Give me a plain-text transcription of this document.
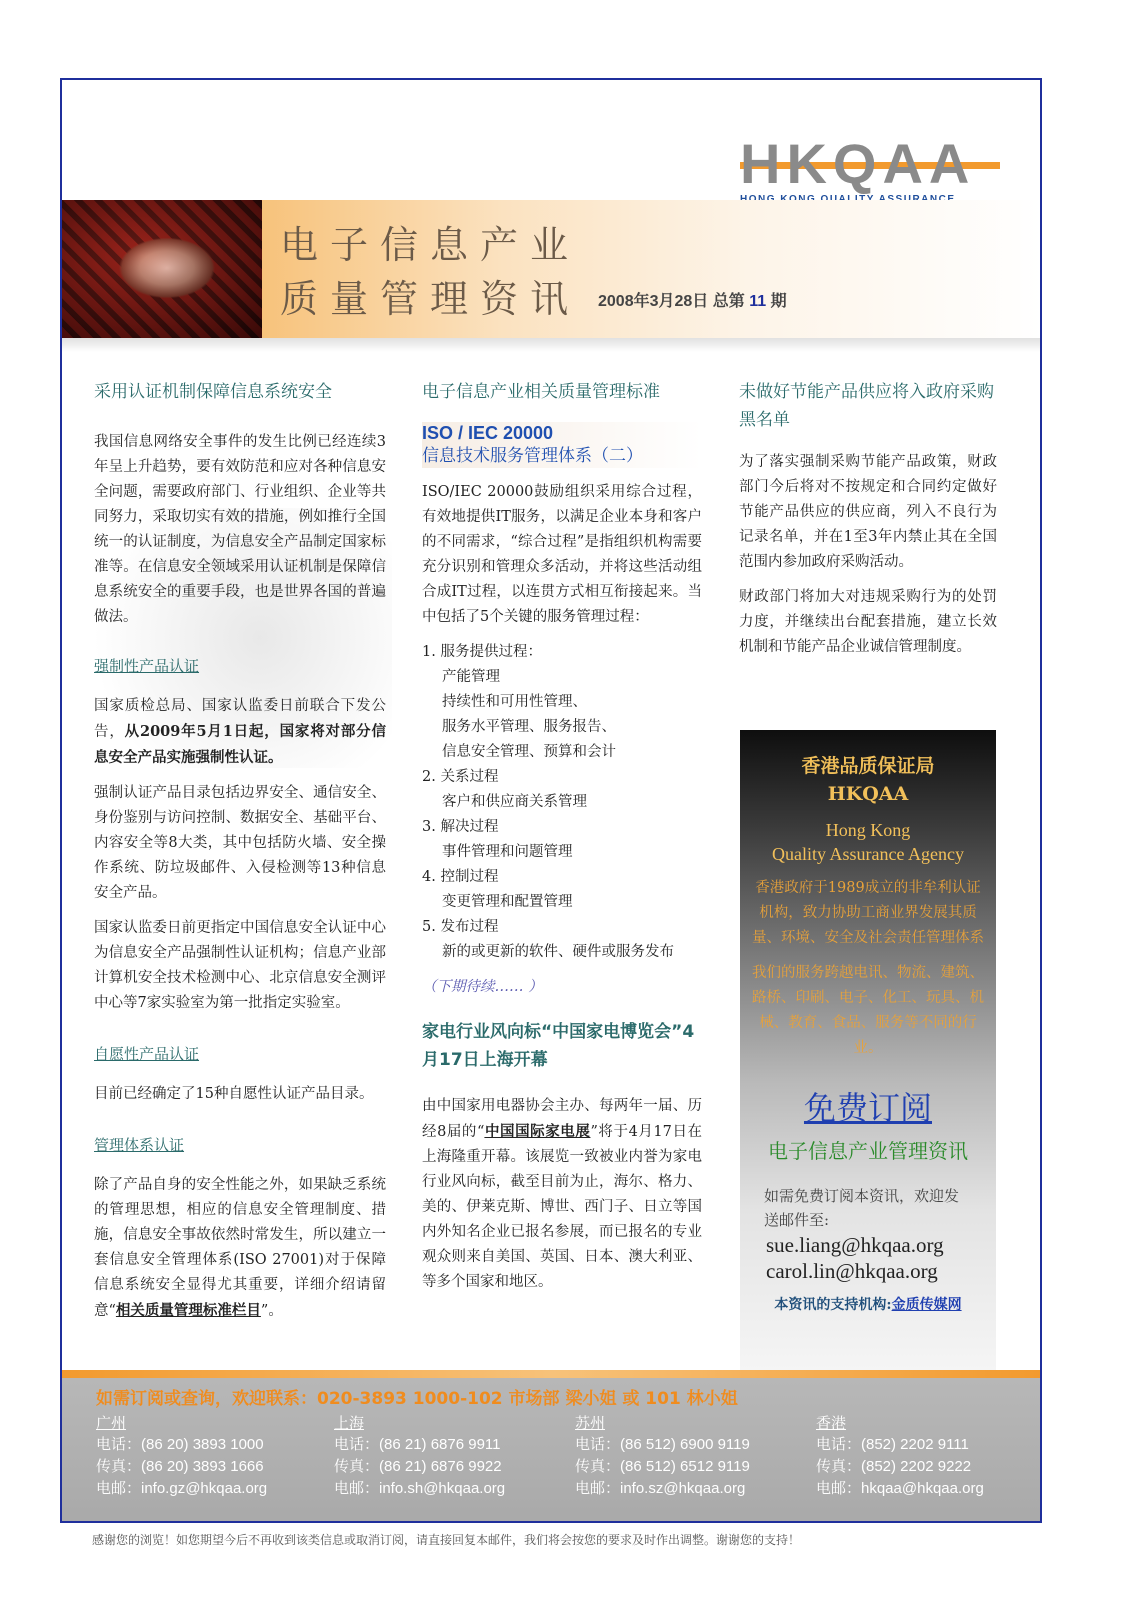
HKQAA
电子信息产业
质量管理资讯 2008年3月28日 总第 11 期

采用认证机制保障信息系统安全

我国信息网络安全事件的发生比例已经连续3年呈上升趋势，要有效防范和应对各种信息安全问题，需要政府部门、行业组织、企业等共同努力，采取切实有效的措施，例如推行全国统一的认证制度，为信息安全产品制定国家标准等。在信息安全领域采用认证机制是保障信息系统安全的重要手段，也是世界各国的普遍做法。

强制性产品认证

国家质检总局、国家认监委日前联合下发公告，从2009年5月1日起，国家将对部分信息安全产品实施强制性认证。

强制认证产品目录包括边界安全、通信安全、身份鉴别与访问控制、数据安全、基础平台、内容安全等8大类，其中包括防火墙、安全操作系统、防垃圾邮件、入侵检测等13种信息安全产品。

国家认监委日前更指定中国信息安全认证中心为信息安全产品强制性认证机构；信息产业部计算机安全技术检测中心、北京信息安全测评中心等7家实验室为第一批指定实验室。

自愿性产品认证

目前已经确定了15种自愿性认证产品目录。

管理体系认证

除了产品自身的安全性能之外，如果缺乏系统的管理思想，相应的信息安全管理制度、措施，信息安全事故依然时常发生，所以建立一套信息安全管理体系(ISO 27001)对于保障信息系统安全显得尤其重要，详细介绍请留意“相关质量管理标准栏目”。

电子信息产业相关质量管理标准

ISO / IEC 20000
信息技术服务管理体系（二）

ISO/IEC 20000鼓励组织采用综合过程，有效地提供IT服务，以满足企业本身和客户的不同需求，“综合过程”是指组织机构需要充分识别和管理众多活动，并将这些活动组合成IT过程，以连贯方式相互衔接起来。当中包括了5个关键的服务管理过程：

1. 服务提供过程：
产能管理
持续性和可用性管理、
服务水平管理、服务报告、
信息安全管理、预算和会计
2. 关系过程
客户和供应商关系管理
3. 解决过程
事件管理和问题管理
4. 控制过程
变更管理和配置管理
5. 发布过程
新的或更新的软件、硬件或服务发布

（下期待续…… ）

家电行业风向标“中国家电博览会”4月17日上海开幕

由中国家用电器协会主办、每两年一届、历经8届的“中国国际家电展”将于4月17日在上海隆重开幕。该展览一致被业内誉为家电行业风向标，截至目前为止，海尔、格力、美的、伊莱克斯、博世、西门子、日立等国内外知名企业已报名参展，而已报名的专业观众则来自美国、英国、日本、澳大利亚、等多个国家和地区。

未做好节能产品供应将入政府采购黑名单

为了落实强制采购节能产品政策，财政部门今后将对不按规定和合同约定做好节能产品供应的供应商，列入不良行为记录名单，并在1至3年内禁止其在全国范围内参加政府采购活动。

财政部门将加大对违规采购行为的处罚力度，并继续出台配套措施，建立长效机制和节能产品企业诚信管理制度。

香港品质保证局
HKQAA
Hong Kong
Quality Assurance Agency
香港政府于1989成立的非牟利认证机构，致力协助工商业界发展其质量、环境、安全及社会责任管理体系
我们的服务跨越电讯、物流、建筑、路桥、印刷、电子、化工、玩具、机械、教育、食品、服务等不同的行业。
免费订阅
电子信息产业管理资讯
如需免费订阅本资讯，欢迎发送邮件至:
sue.liang@hkqaa.org
carol.lin@hkqaa.org
本资讯的支持机构:金质传媒网
如需订阅或查询，欢迎联系：020-3893 1000-102 市场部 梁小姐 或 101 林小姐
广州
电话：(86 20) 3893 1000
传真：(86 20) 3893 1666
电邮：info.gz@hkqaa.org
上海
电话：(86 21) 6876 9911
传真：(86 21) 6876 9922
电邮：info.sh@hkqaa.org
苏州
电话：(86 512) 6900 9119
传真：(86 512) 6512 9119
电邮：info.sz@hkqaa.org
香港
电话：(852) 2202 9111
传真：(852) 2202 9222
电邮：hkqaa@hkqaa.org
感谢您的浏览！如您期望今后不再收到该类信息或取消订阅，请直接回复本邮件，我们将会按您的要求及时作出调整。谢谢您的支持！
